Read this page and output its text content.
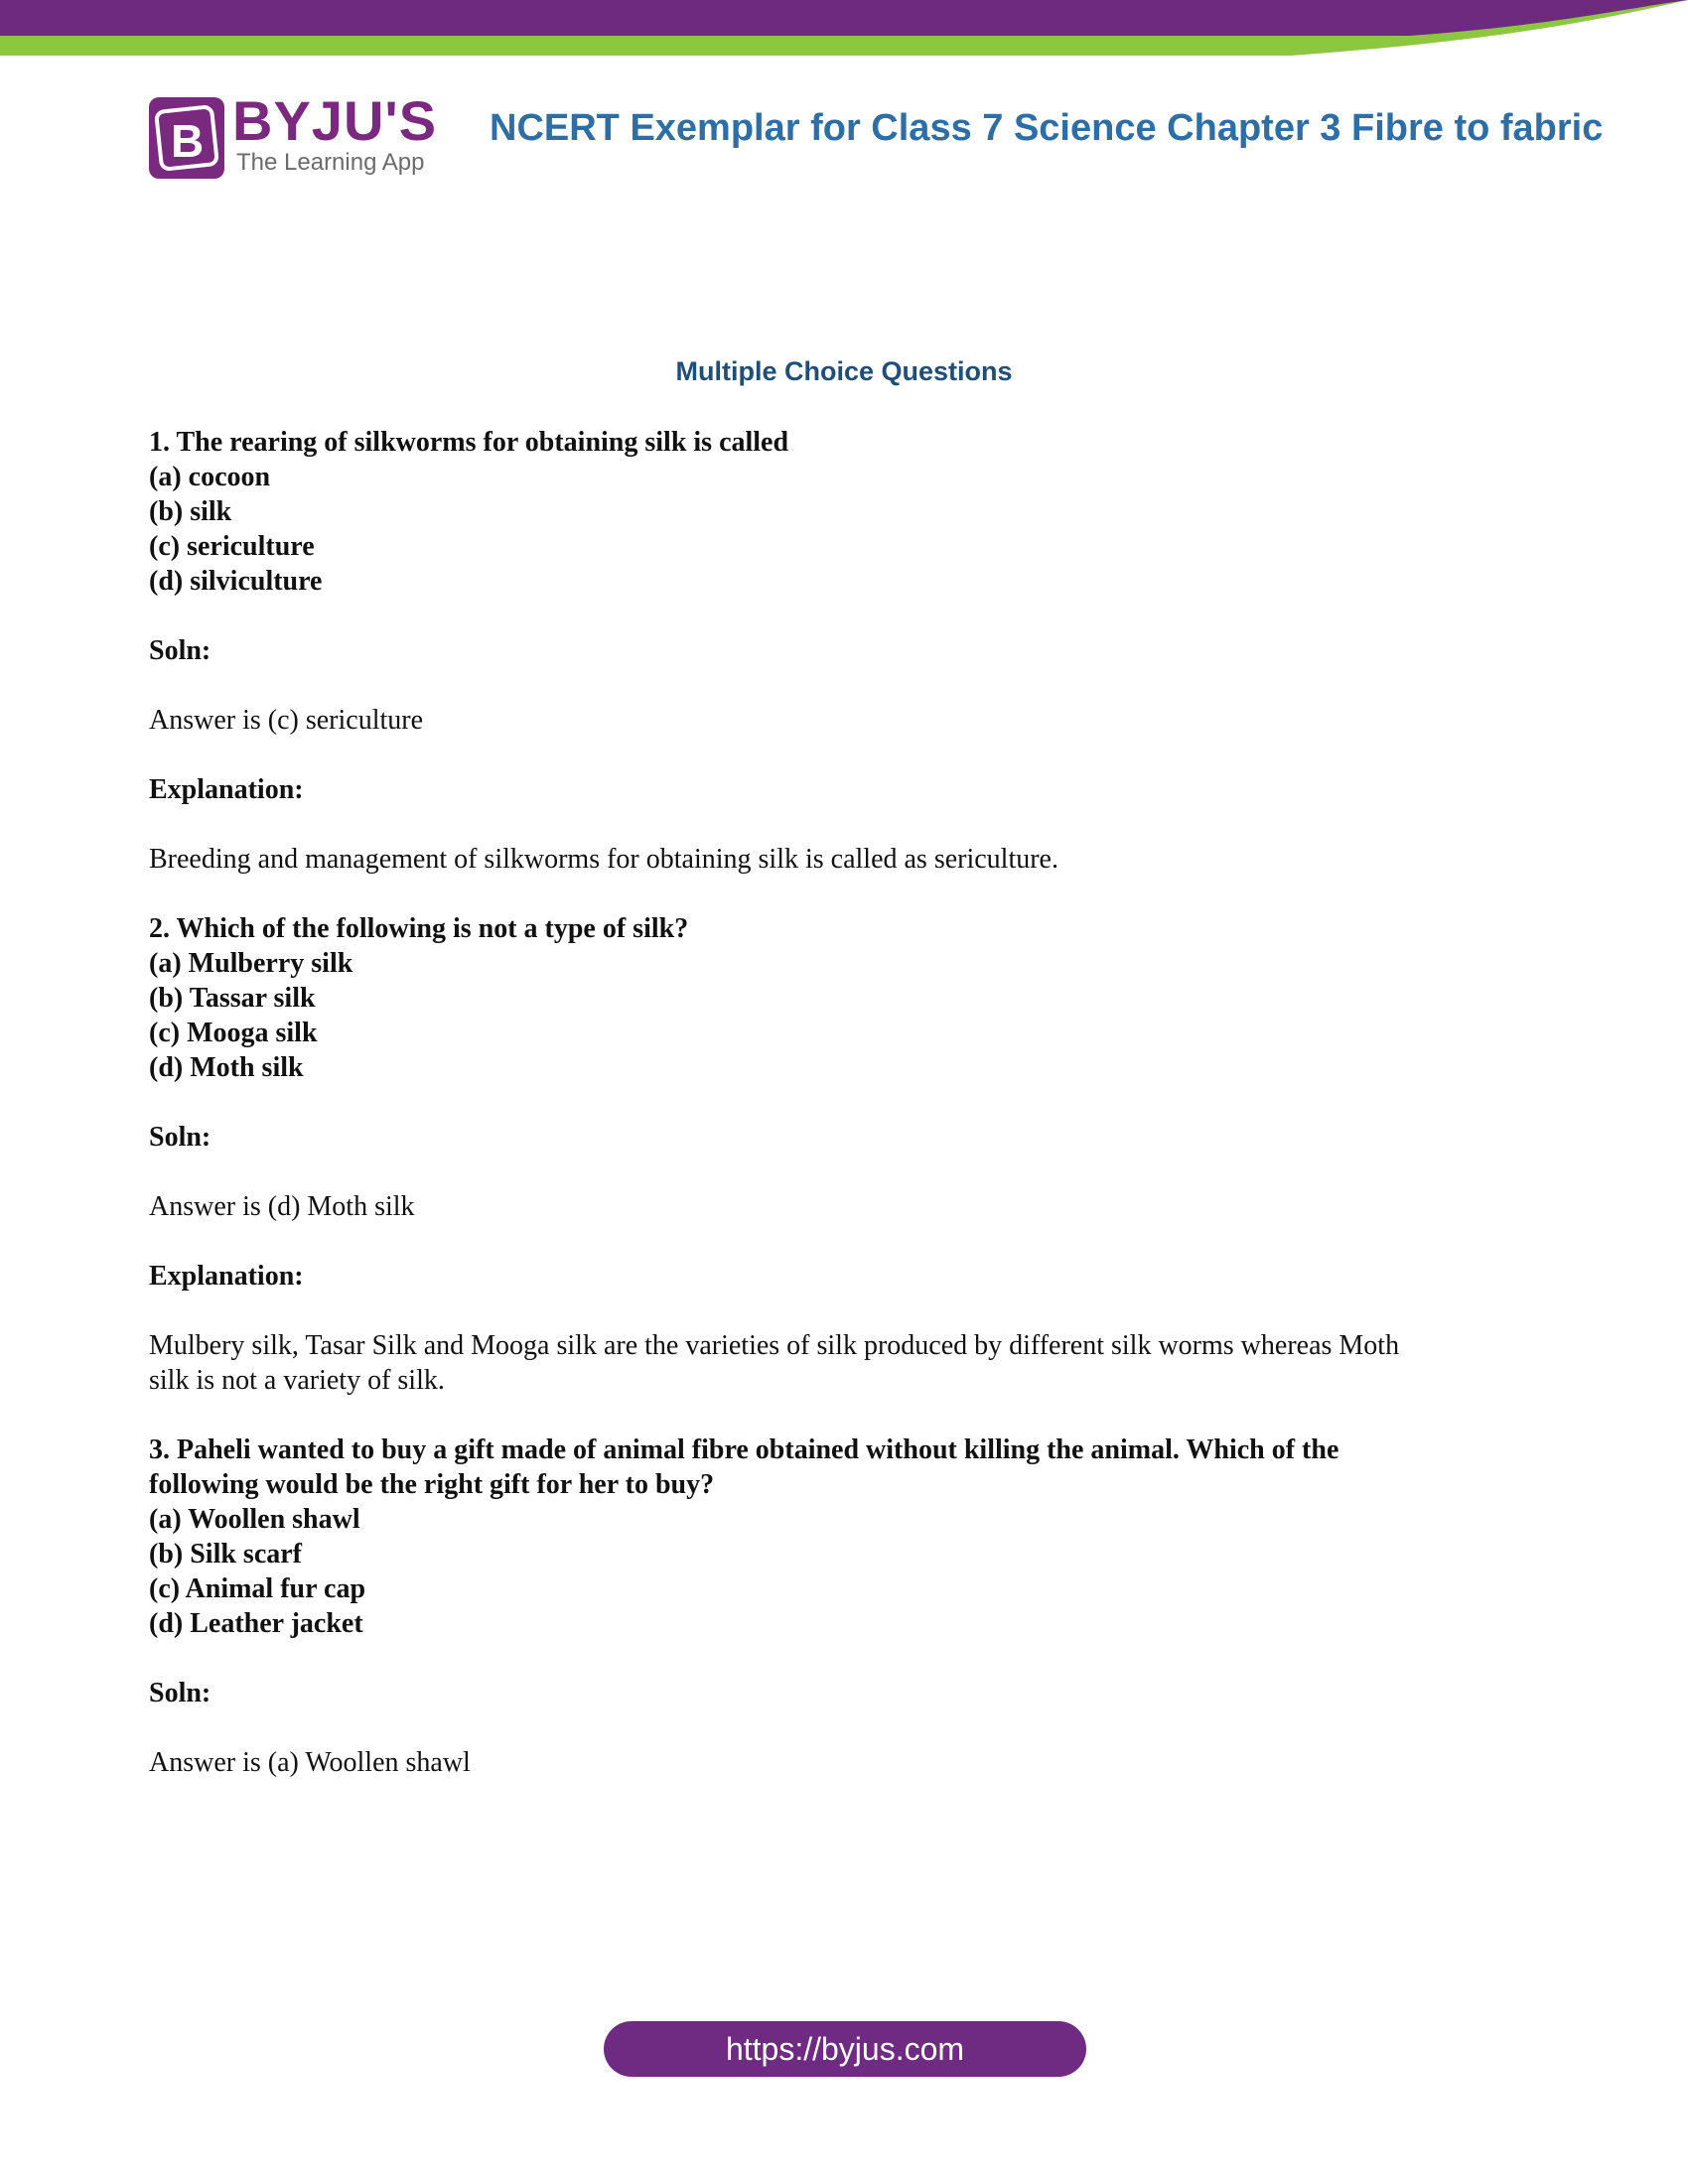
B BYJU'S
The Learning App
NCERT Exemplar for Class 7 Science Chapter 3 Fibre to fabric
Multiple Choice Questions

1. The rearing of silkworms for obtaining silk is called

(a) cocoon

(b) silk

(c) sericulture

(d) silviculture

Soln:

Answer is (c) sericulture

Explanation:

Breeding and management of silkworms for obtaining silk is called as sericulture.

2. Which of the following is not a type of silk?

(a) Mulberry silk

(b) Tassar silk

(c) Mooga silk

(d) Moth silk

Soln:

Answer is (d) Moth silk

Explanation:

Mulbery silk, Tasar Silk and Mooga silk are the varieties of silk produced by different silk worms whereas Moth

silk is not a variety of silk.

3. Paheli wanted to buy a gift made of animal fibre obtained without killing the animal. Which of the

following would be the right gift for her to buy?

(a) Woollen shawl

(b) Silk scarf

(c) Animal fur cap

(d) Leather jacket

Soln:

Answer is (a) Woollen shawl

https://byjus.com
